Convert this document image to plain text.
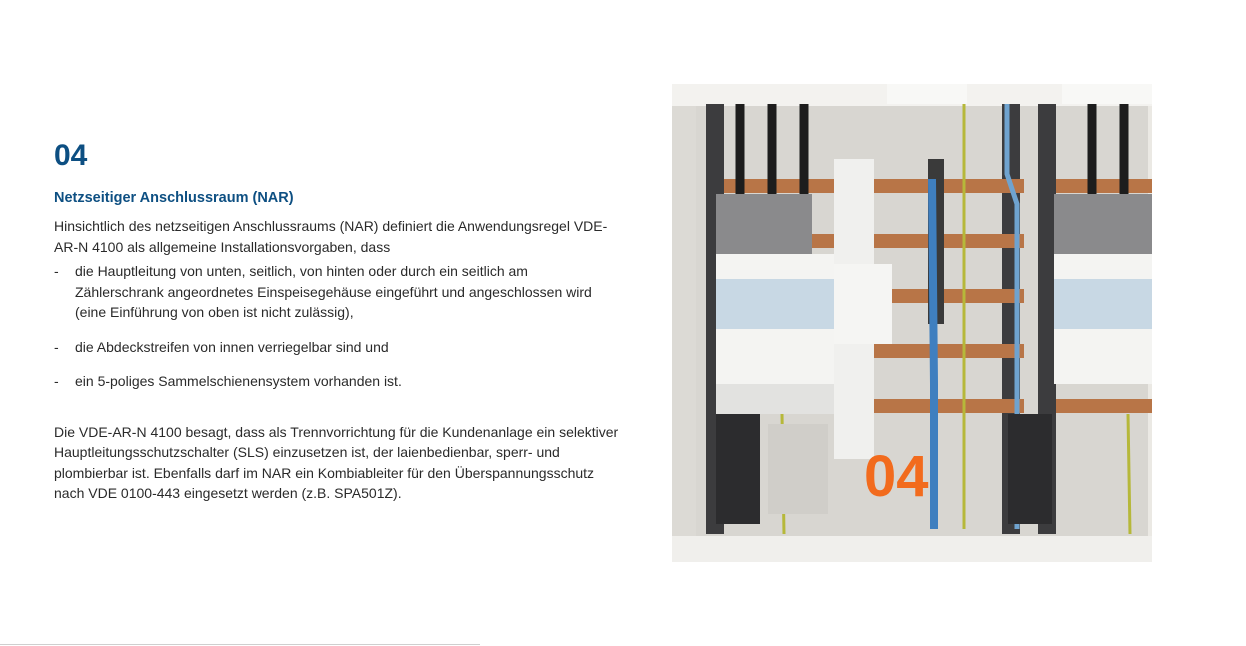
04
Netzseitiger Anschlussraum (NAR)

Hinsichtlich des netzseitigen Anschlussraums (NAR) definiert die Anwendungsregel VDE-AR-N 4100 als allgemeine Installationsvorgaben, dass

- die Hauptleitung von unten, seitlich, von hinten oder durch ein seitlich am Zählerschrank angeordnetes Einspeisegehäuse eingeführt und angeschlossen wird (eine Einführung von oben ist nicht zulässig),
- die Abdeckstreifen von innen verriegelbar sind und
- ein 5-poliges Sammelschienensystem vorhanden ist.

Die VDE-AR-N 4100 besagt, dass als Trennvorrichtung für die Kundenanlage ein selektiver Hauptleitungsschutzschalter (SLS) einzusetzen ist, der laienbedienbar, sperr- und plombierbar ist. Ebenfalls darf im NAR ein Kombiableiter für den Überspannungsschutz nach VDE 0100-443 eingesetzt werden (z.B. SPA501Z).	04
